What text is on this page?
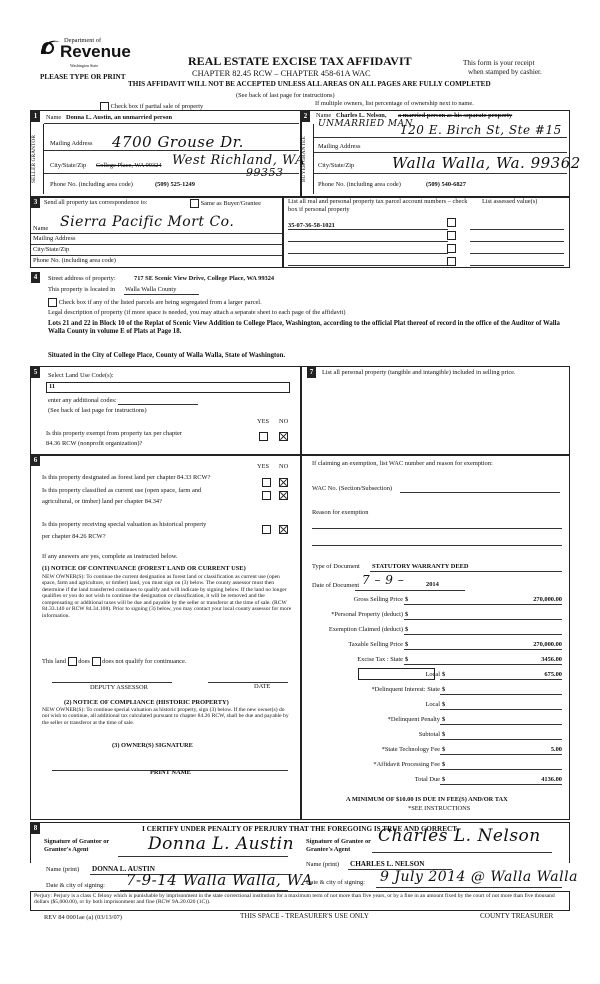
Department of
Revenue
Washington State
PLEASE TYPE OR PRINT
REAL ESTATE EXCISE TAX AFFIDAVIT
CHAPTER 82.45 RCW – CHAPTER 458-61A WAC
THIS AFFIDAVIT WILL NOT BE ACCEPTED UNLESS ALL AREAS ON ALL PAGES ARE FULLY COMPLETED
(See back of last page for instructions)
This form is your receipt
when stamped by cashier.
Check box if partial sale of property	If multiple owners, list percentage of ownership next to name.
1
SELLER GRANTOR
Name Donna L. Austin, an unmarried person
Mailing Address 4700 Grouse Dr.
City/State/Zip College Place, WA 99324 West Richland, WA
99353
Phone No. (including area code)	(509) 525-1249
2
BUYER GRANTEE
Name Charles L. Nelson, a married person as his separate property
UNMARRIED MAN
120 E. Birch St, Ste #15
Mailing Address
City/State/Zip	Walla Walla, Wa. 99362
Phone No. (including area code)	(509) 540-6827
3	Send all property tax correspondence to:	Same as Buyer/Grantee
Name Sierra Pacific Mort Co.
Mailing Address
City/State/Zip
Phone No. (including area code)
List all real and personal property tax parcel account numbers – check box if personal property
List assessed value(s)
35-07-36-58-1021
4	Street address of property:	717 SE Scenic View Drive, College Place, WA 99324
This property is located in Walla Walla County
Check box if any of the listed parcels are being segregated from a larger parcel.
Legal description of property (if more space is needed, you may attach a separate sheet to each page of the affidavit)
Lots 21 and 22 in Block 10 of the Replat of Scenic View Addition to College Place, Washington, according to the official Plat thereof of record in the office of the Auditor of Walla Walla County in volume E of Plats at Page 18.
Situated in the City of College Place, County of Walla Walla, State of Washington.
5	Select Land Use Code(s):
11
enter any additional codes:
(See back of last page for instructions)
YES NO
Is this property exempt from property tax per chapter
84.36 RCW (nonprofit organization)?
7	List all personal property (tangible and intangible) included in selling price.
6
YES NO
Is this property designated as forest land per chapter 84.33 RCW?
Is this property classified as current use (open space, farm and
agricultural, or timber) land per chapter 84.34?
Is this property receiving special valuation as historical property
per chapter 84.26 RCW?
If any answers are yes, complete as instructed below.
(1) NOTICE OF CONTINUANCE (FOREST LAND OR CURRENT USE)
NEW OWNER(S): To continue the current designation as forest land or classification as current use (open space, farm and agriculture, or timber) land, you must sign on (3) below. The county assessor must then determine if the land transferred continues to qualify and will indicate by signing below. If the land no longer qualifies or you do not wish to continue the designation or classification, it will be removed and the compensating or additional taxes will be due and payable by the seller or transferor at the time of sale. (RCW 84.33.140 or RCW 84.34.108). Prior to signing (3) below, you may contact your local county assessor for more information.
This land does does not qualify for continuance.
DEPUTY ASSESSOR	DATE
(2) NOTICE OF COMPLIANCE (HISTORIC PROPERTY)
NEW OWNER(S): To continue special valuation as historic property, sign (3) below. If the new owner(s) do not wish to continue, all additional tax calculated pursuant to chapter 84.26 RCW, shall be due and payable by the seller or transferor at the time of sale.
(3) OWNER(S) SIGNATURE
PRINT NAME
If claiming an exemption, list WAC number and reason for exemption:
WAC No. (Section/Subsection)
Reason for exemption
Type of Document STATUTORY WARRANTY DEED
Date of Document 7 – 9 –	2014
Gross Selling Price $	270,000.00
*Personal Property (deduct) $
Exemption Claimed (deduct) $
Taxable Selling Price $	270,000.00
Excise Tax : State $	3456.00
Local $	675.00
*Delinquent Interest: State $
Local $
*Delinquent Penalty $
Subtotal $
*State Technology Fee $	5.00
*Affidavit Processing Fee $
Total Due $	4136.00
A MINIMUM OF $10.00 IS DUE IN FEE(S) AND/OR TAX
*SEE INSTRUCTIONS
8	I CERTIFY UNDER PENALTY OF PERJURY THAT THE FOREGOING IS TRUE AND CORRECT.
Signature of Grantor or Grantor's Agent	Donna L. Austin Signature of Grantee or Grantee's Agent
Charles L. Nelson
Name (print) DONNA L. AUSTIN
Name (print) CHARLES L. NELSON
Date & city of signing: 7-9-14 Walla Walla, WA
Date & city of signing: 9 July 2014 @ Walla Walla
Perjury: Perjury is a class C felony which is punishable by imprisonment in the state correctional institution for a maximum term of not more than five years, or by a fine in an amount fixed by the court of not more than five thousand dollars ($5,000.00), or by both imprisonment and fine (RCW 9A.20.020 (1C)).
REV 84 0001ae (a) (03/13/07)	THIS SPACE - TREASURER'S USE ONLY	COUNTY TREASURER
